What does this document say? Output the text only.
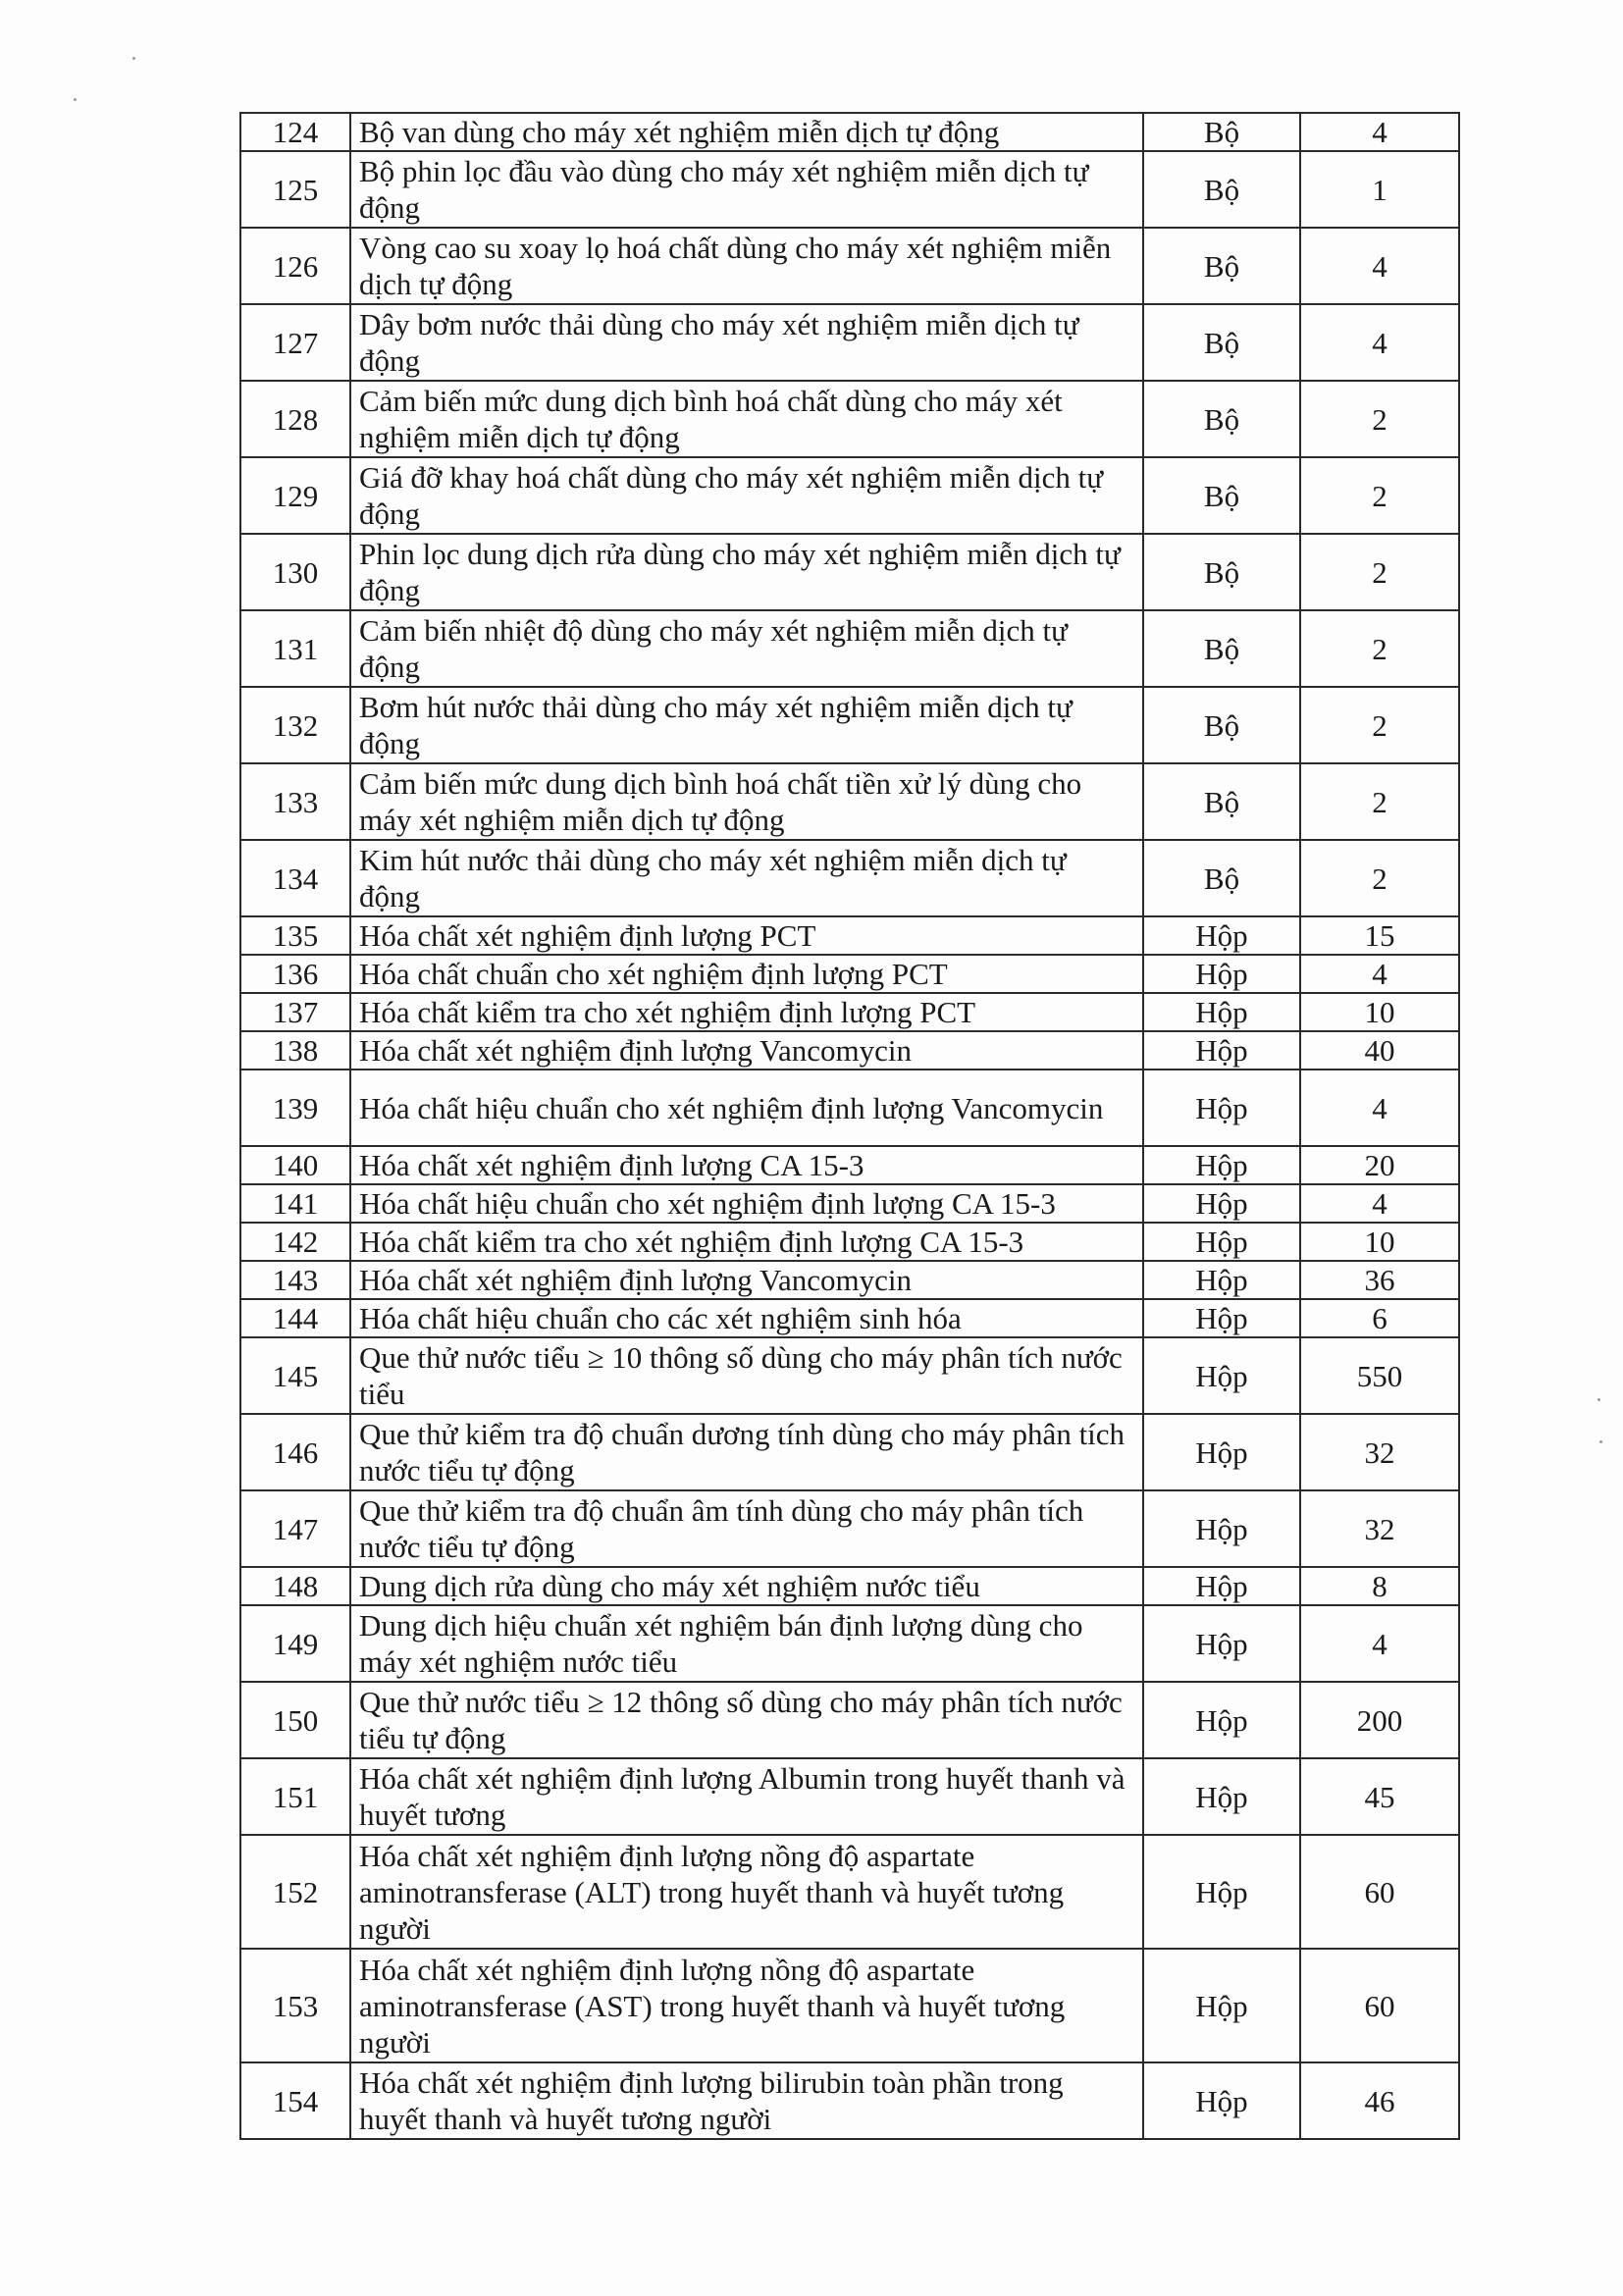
124	Bộ van dùng cho máy xét nghiệm miễn dịch tự động	Bộ	4
125	Bộ phin lọc đầu vào dùng cho máy xét nghiệm miễn dịch tự động	Bộ	1
126	Vòng cao su xoay lọ hoá chất dùng cho máy xét nghiệm miễn dịch tự động	Bộ	4
127	Dây bơm nước thải dùng cho máy xét nghiệm miễn dịch tự động	Bộ	4
128	Cảm biến mức dung dịch bình hoá chất dùng cho máy xét nghiệm miễn dịch tự động	Bộ	2
129	Giá đỡ khay hoá chất dùng cho máy xét nghiệm miễn dịch tự động	Bộ	2
130	Phin lọc dung dịch rửa dùng cho máy xét nghiệm miễn dịch tự động	Bộ	2
131	Cảm biến nhiệt độ dùng cho máy xét nghiệm miễn dịch tự động	Bộ	2
132	Bơm hút nước thải dùng cho máy xét nghiệm miễn dịch tự động	Bộ	2
133	Cảm biến mức dung dịch bình hoá chất tiền xử lý dùng cho máy xét nghiệm miễn dịch tự động	Bộ	2
134	Kim hút nước thải dùng cho máy xét nghiệm miễn dịch tự động	Bộ	2
135	Hóa chất xét nghiệm định lượng PCT	Hộp	15
136	Hóa chất chuẩn cho xét nghiệm định lượng PCT	Hộp	4
137	Hóa chất kiểm tra cho xét nghiệm định lượng PCT	Hộp	10
138	Hóa chất xét nghiệm định lượng Vancomycin	Hộp	40
139	Hóa chất hiệu chuẩn cho xét nghiệm định lượng Vancomycin	Hộp	4
140	Hóa chất xét nghiệm định lượng CA 15-3	Hộp	20
141	Hóa chất hiệu chuẩn cho xét nghiệm định lượng CA 15-3	Hộp	4
142	Hóa chất kiểm tra cho xét nghiệm định lượng CA 15-3	Hộp	10
143	Hóa chất xét nghiệm định lượng Vancomycin	Hộp	36
144	Hóa chất hiệu chuẩn cho các xét nghiệm sinh hóa	Hộp	6
145	Que thử nước tiểu ≥ 10 thông số dùng cho máy phân tích nước tiểu	Hộp	550
146	Que thử kiểm tra độ chuẩn dương tính dùng cho máy phân tích nước tiểu tự động	Hộp	32
147	Que thử kiểm tra độ chuẩn âm tính dùng cho máy phân tích nước tiểu tự động	Hộp	32
148	Dung dịch rửa dùng cho máy xét nghiệm nước tiểu	Hộp	8
149	Dung dịch hiệu chuẩn xét nghiệm bán định lượng dùng cho máy xét nghiệm nước tiểu	Hộp	4
150	Que thử nước tiểu ≥ 12 thông số dùng cho máy phân tích nước tiểu tự động	Hộp	200
151	Hóa chất xét nghiệm định lượng Albumin trong huyết thanh và huyết tương	Hộp	45
152	Hóa chất xét nghiệm định lượng nồng độ aspartate aminotransferase (ALT) trong huyết thanh và huyết tương người	Hộp	60
153	Hóa chất xét nghiệm định lượng nồng độ aspartate aminotransferase (AST) trong huyết thanh và huyết tương người	Hộp	60
154	Hóa chất xét nghiệm định lượng bilirubin toàn phần trong huyết thanh và huyết tương người	Hộp	46
